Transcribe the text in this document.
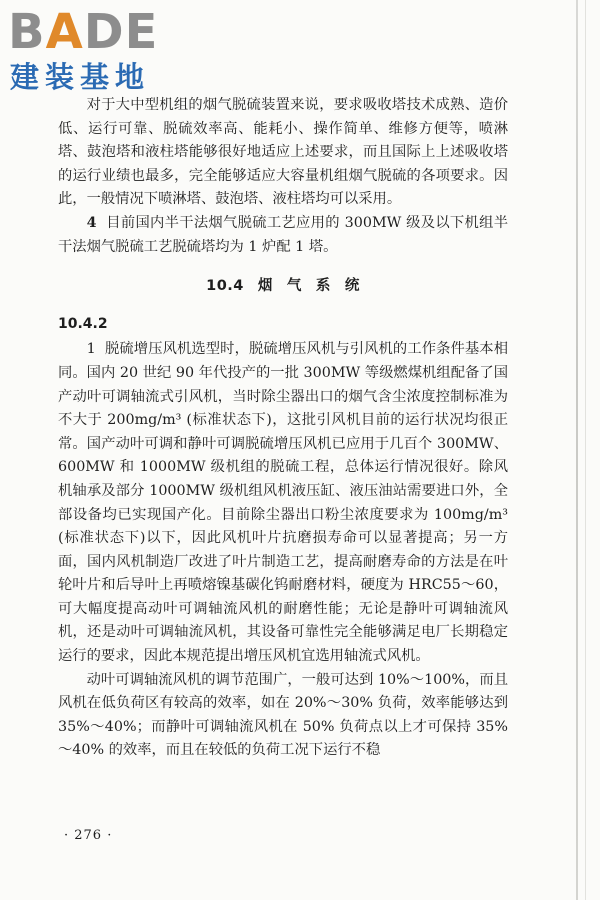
BADE
建装基地

对于大中型机组的烟气脱硫装置来说，要求吸收塔技术成熟、造价低、运行可靠、脱硫效率高、能耗小、操作简单、维修方便等，喷淋塔、鼓泡塔和液柱塔能够很好地适应上述要求，而且国际上上述吸收塔的运行业绩也最多，完全能够适应大容量机组烟气脱硫的各项要求。因此，一般情况下喷淋塔、鼓泡塔、液柱塔均可以采用。

4 目前国内半干法烟气脱硫工艺应用的 300MW 级及以下机组半干法烟气脱硫工艺脱硫塔均为 1 炉配 1 塔。

10.4 烟 气 系 统

10.4.2

1 脱硫增压风机选型时，脱硫增压风机与引风机的工作条件基本相同。国内 20 世纪 90 年代投产的一批 300MW 等级燃煤机组配备了国产动叶可调轴流式引风机，当时除尘器出口的烟气含尘浓度控制标准为不大于 200mg/m³ (标准状态下)，这批引风机目前的运行状况均很正常。国产动叶可调和静叶可调脱硫增压风机已应用于几百个 300MW、600MW 和 1000MW 级机组的脱硫工程，总体运行情况很好。除风机轴承及部分 1000MW 级机组风机液压缸、液压油站需要进口外，全部设备均已实现国产化。目前除尘器出口粉尘浓度要求为 100mg/m³ (标准状态下)以下，因此风机叶片抗磨损寿命可以显著提高；另一方面，国内风机制造厂改进了叶片制造工艺，提高耐磨寿命的方法是在叶轮叶片和后导叶上再喷熔镍基碳化钨耐磨材料，硬度为 HRC55～60，可大幅度提高动叶可调轴流风机的耐磨性能；无论是静叶可调轴流风机，还是动叶可调轴流风机，其设备可靠性完全能够满足电厂长期稳定运行的要求，因此本规范提出增压风机宜选用轴流式风机。

动叶可调轴流风机的调节范围广，一般可达到 10%～100%，而且风机在低负荷区有较高的效率，如在 20%～30% 负荷，效率能够达到 35%～40%；而静叶可调轴流风机在 50% 负荷点以上才可保持 35%～40% 的效率，而且在较低的负荷工况下运行不稳

· 276 ·
